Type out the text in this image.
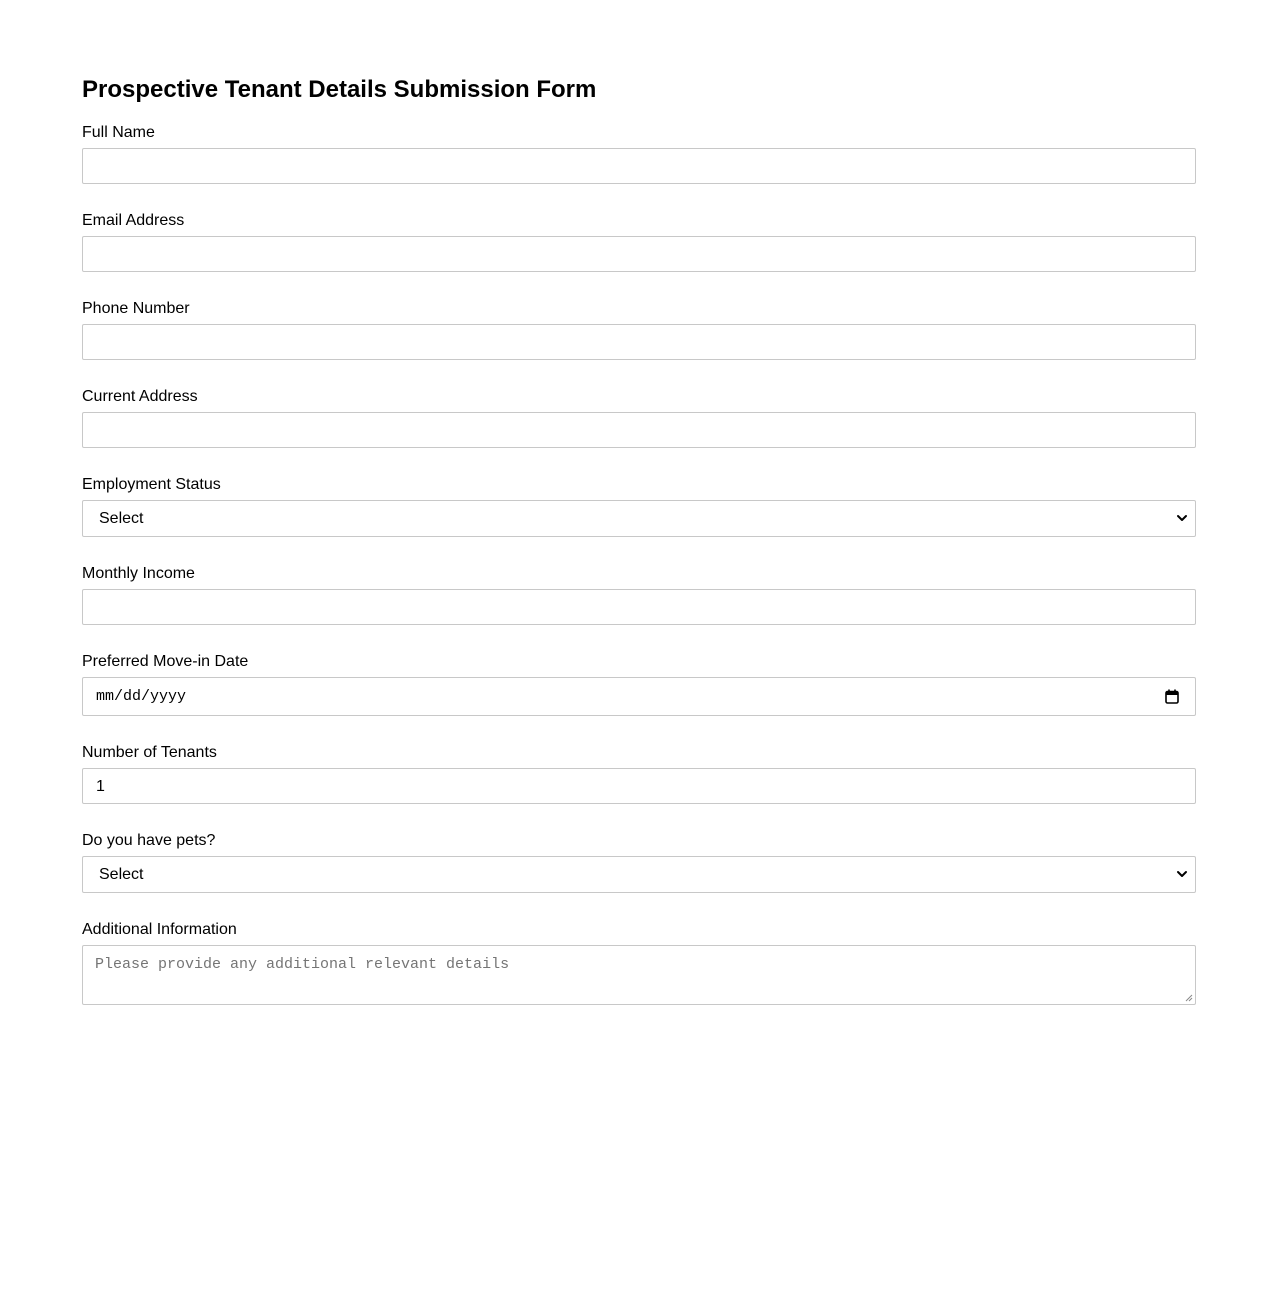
Prospective Tenant Details Submission Form
Full Name
Email Address
Phone Number
Current Address
Employment Status
Select
Monthly Income
Preferred Move-in Date
mm/dd/yyyy
Number of Tenants
1
Do you have pets?
Select
Additional Information
Please provide any additional relevant details
